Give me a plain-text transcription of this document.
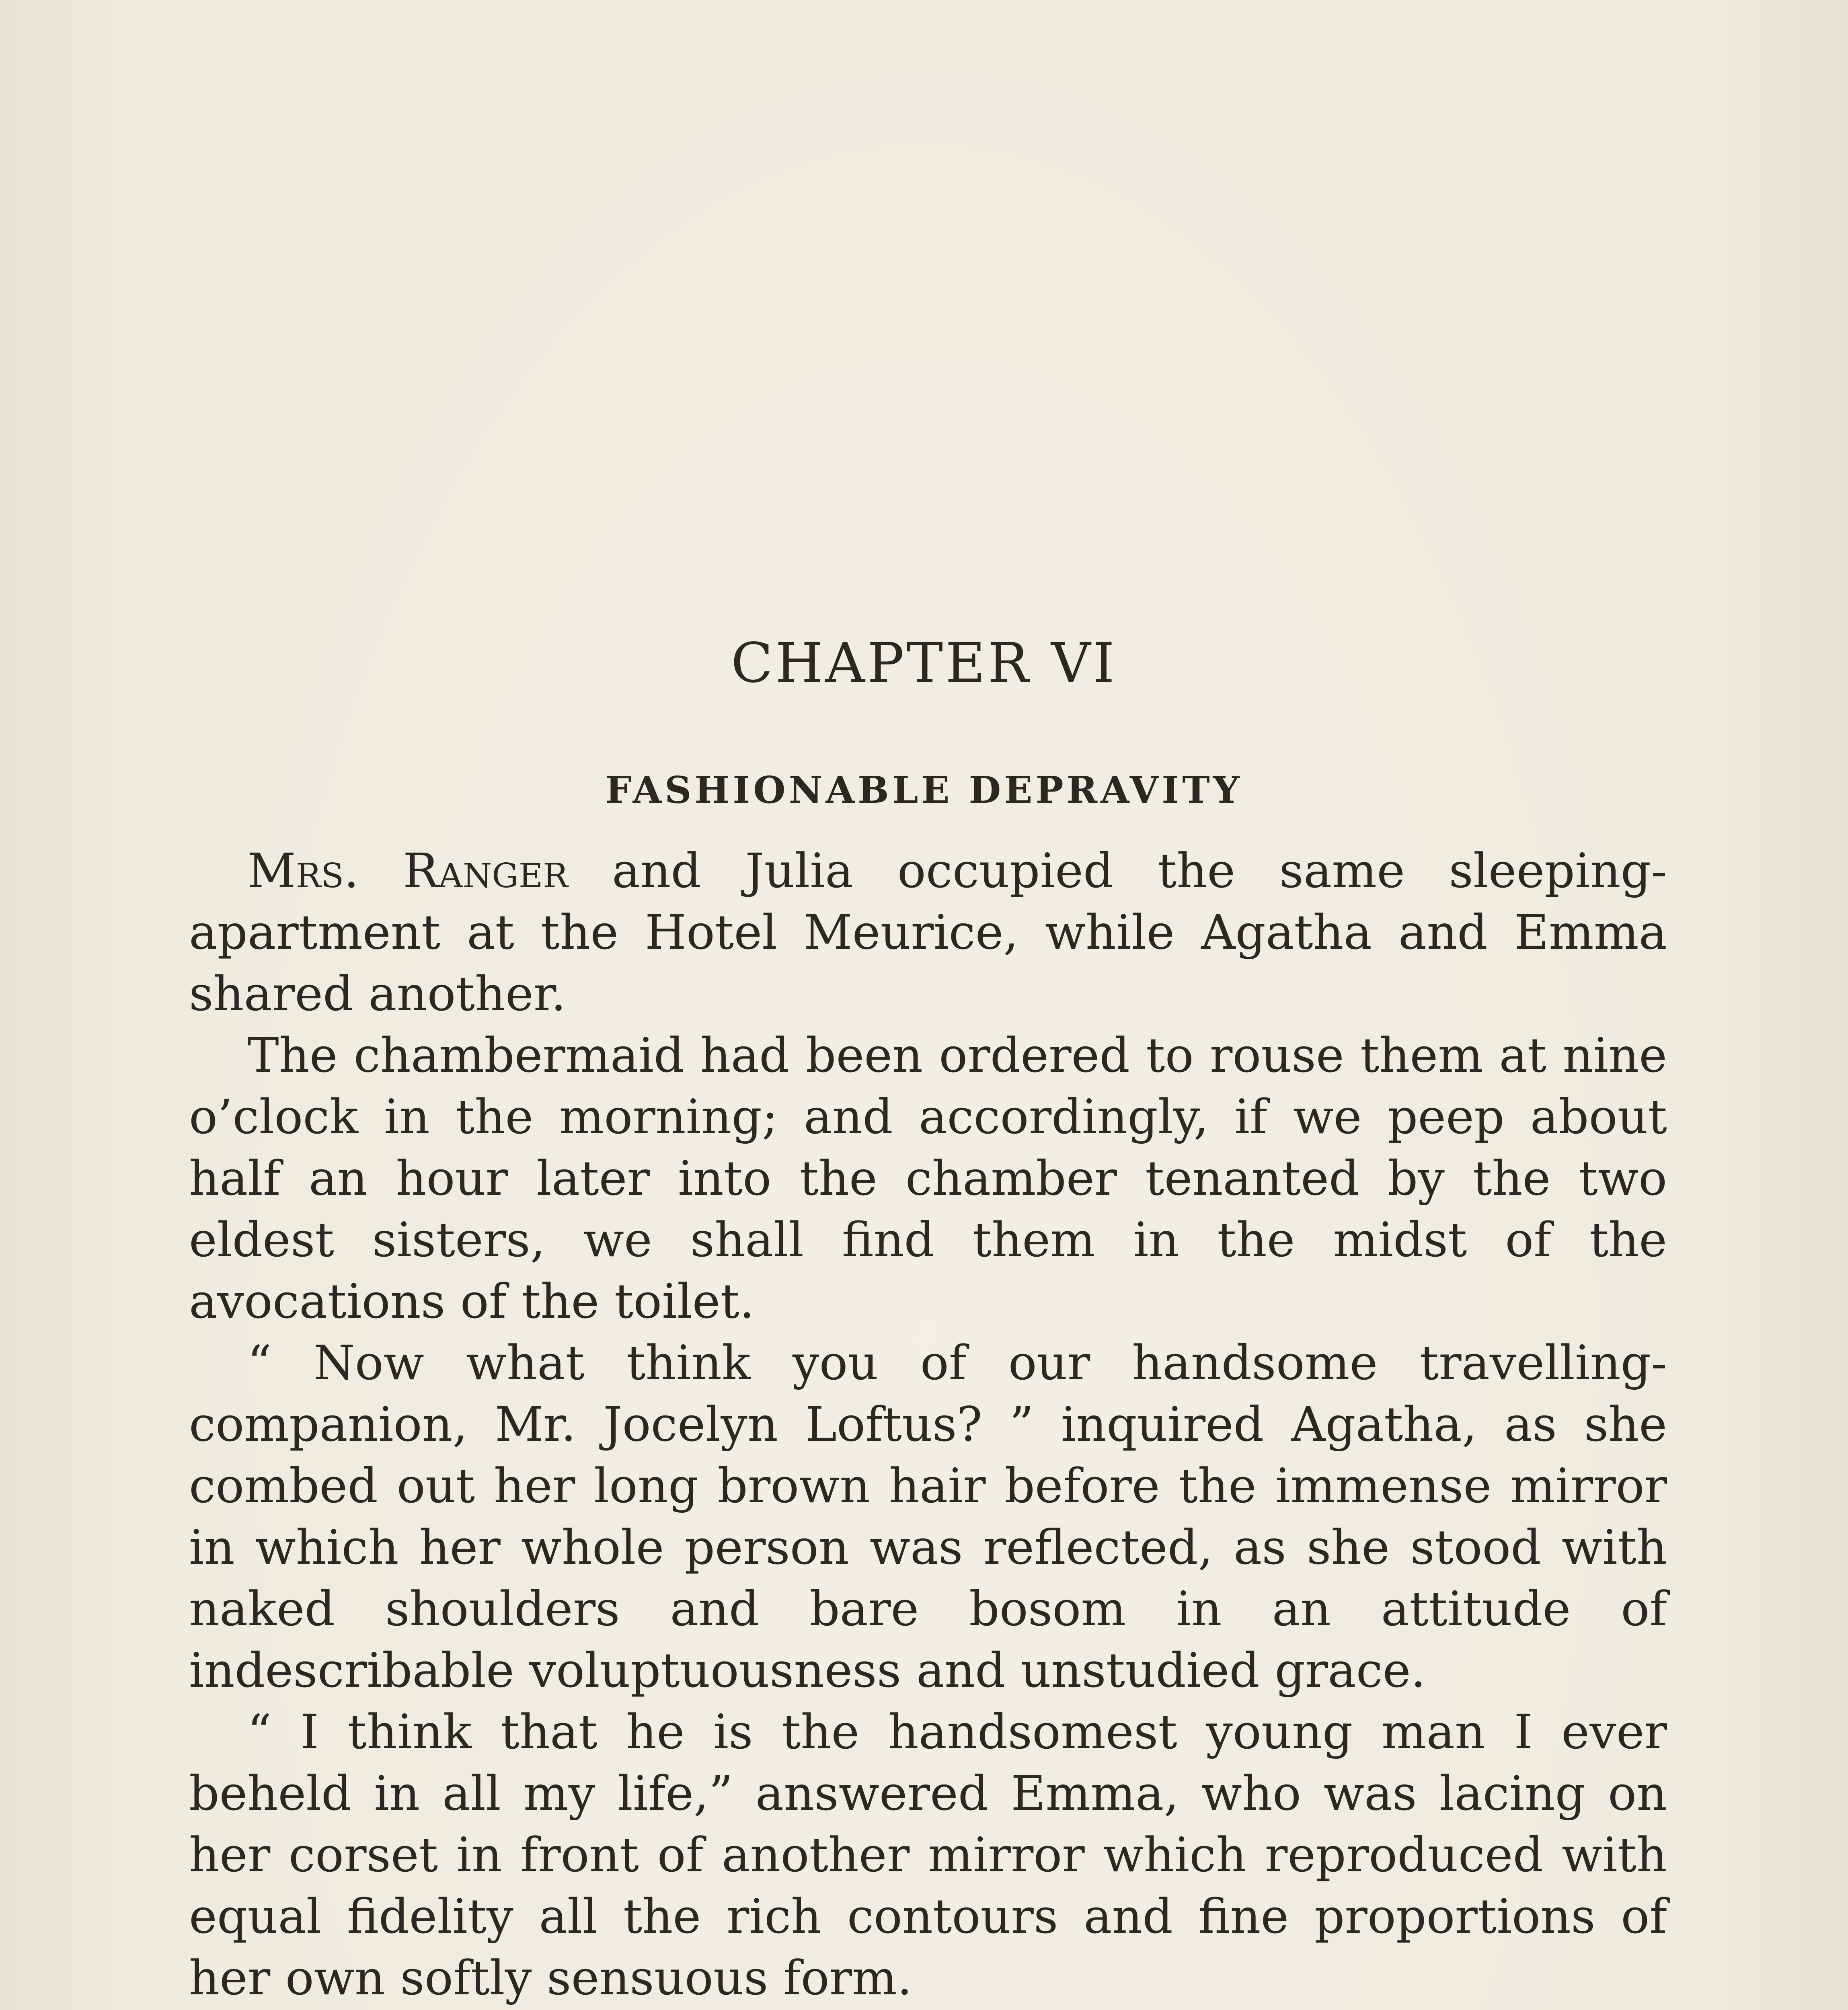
CHAPTER VI
FASHIONABLE DEPRAVITY

Mrs. Ranger and Julia occupied the same sleeping-apartment at the Hotel Meurice, while Agatha and Emma shared another.

The chambermaid had been ordered to rouse them at nine o’clock in the morning; and accordingly, if we peep about half an hour later into the chamber tenanted by the two eldest sisters, we shall find them in the midst of the avocations of the toilet.

“ Now what think you of our handsome travelling-companion, Mr. Jocelyn Loftus? ” inquired Agatha, as she combed out her long brown hair before the immense mirror in which her whole person was reflected, as she stood with naked shoulders and bare bosom in an attitude of indescribable voluptuousness and unstudied grace.

“ I think that he is the handsomest young man I ever beheld in all my life,” answered Emma, who was lacing on her corset in front of another mirror which reproduced with equal fidelity all the rich contours and fine proportions of her own softly sensuous form.
